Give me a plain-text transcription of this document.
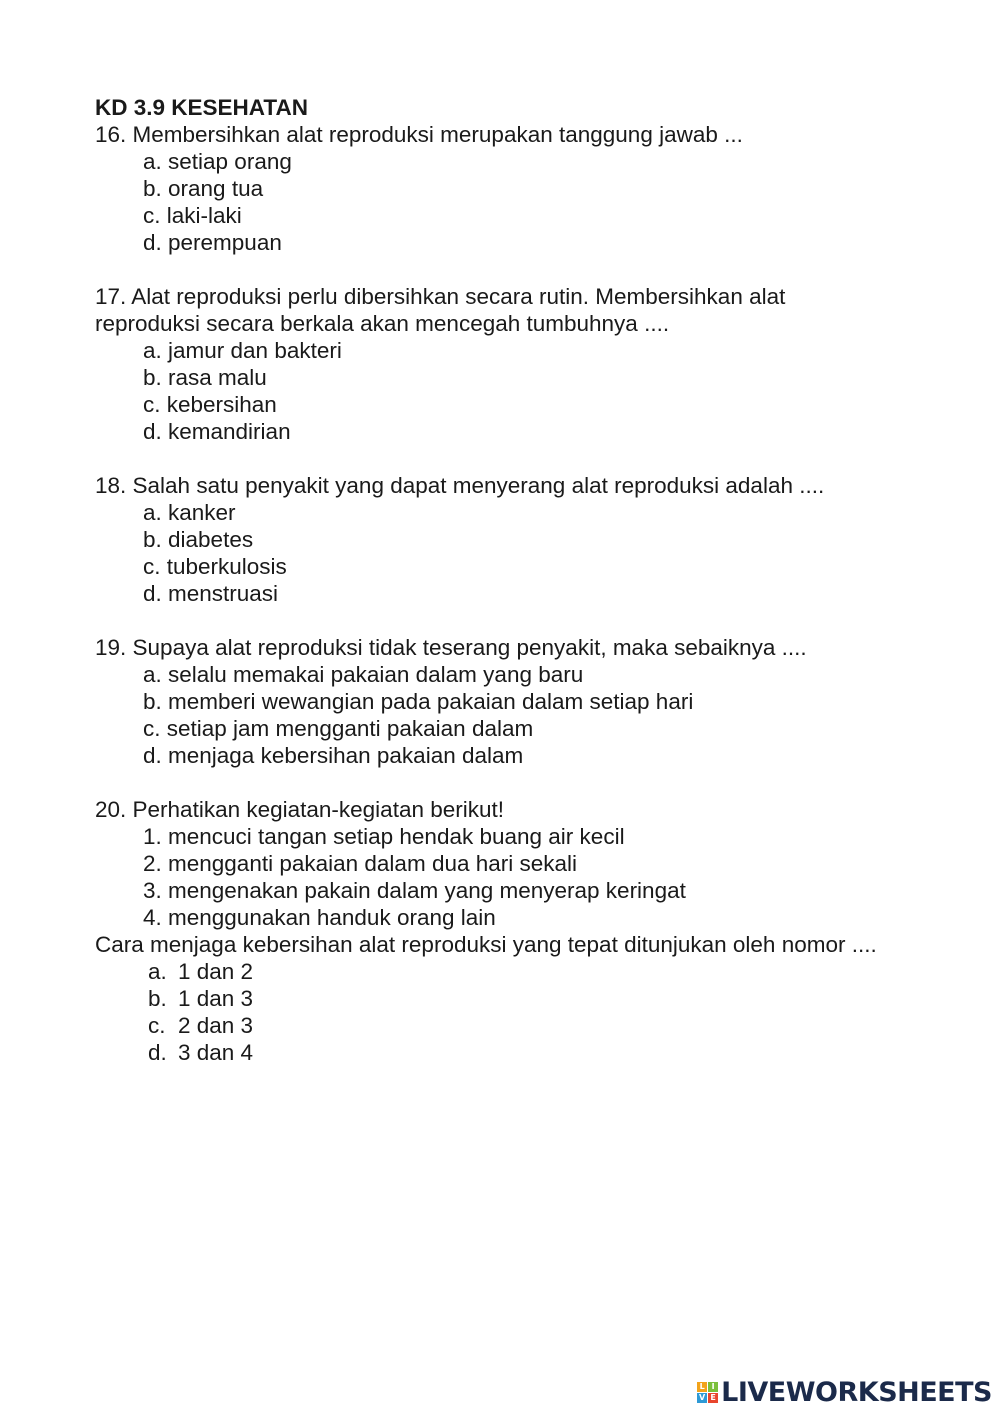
KD 3.9 KESEHATAN
16. Membersihkan alat reproduksi merupakan tanggung jawab ...
a. setiap orang
b. orang tua
c. laki-laki
d. perempuan
17. Alat reproduksi perlu dibersihkan secara rutin. Membersihkan alat reproduksi secara berkala akan mencegah tumbuhnya ....
a. jamur dan bakteri
b. rasa malu
c. kebersihan
d. kemandirian
18. Salah satu penyakit yang dapat menyerang alat reproduksi adalah ....
a. kanker
b. diabetes
c. tuberkulosis
d. menstruasi
19. Supaya alat reproduksi tidak teserang penyakit, maka sebaiknya ....
a. selalu memakai pakaian dalam yang baru
b. memberi wewangian pada pakaian dalam setiap hari
c. setiap jam mengganti pakaian dalam
d. menjaga kebersihan pakaian dalam
20. Perhatikan kegiatan-kegiatan berikut!
1. mencuci tangan setiap hendak buang air kecil
2. mengganti pakaian dalam dua hari sekali
3. mengenakan pakain dalam yang menyerap keringat
4. menggunakan handuk orang lain
Cara menjaga kebersihan alat reproduksi yang tepat ditunjukan oleh nomor ....
a. 1 dan 2
b. 1 dan 3
c. 2 dan 3
d. 3 dan 4
L I
V E LIVEWORKSHEETS
